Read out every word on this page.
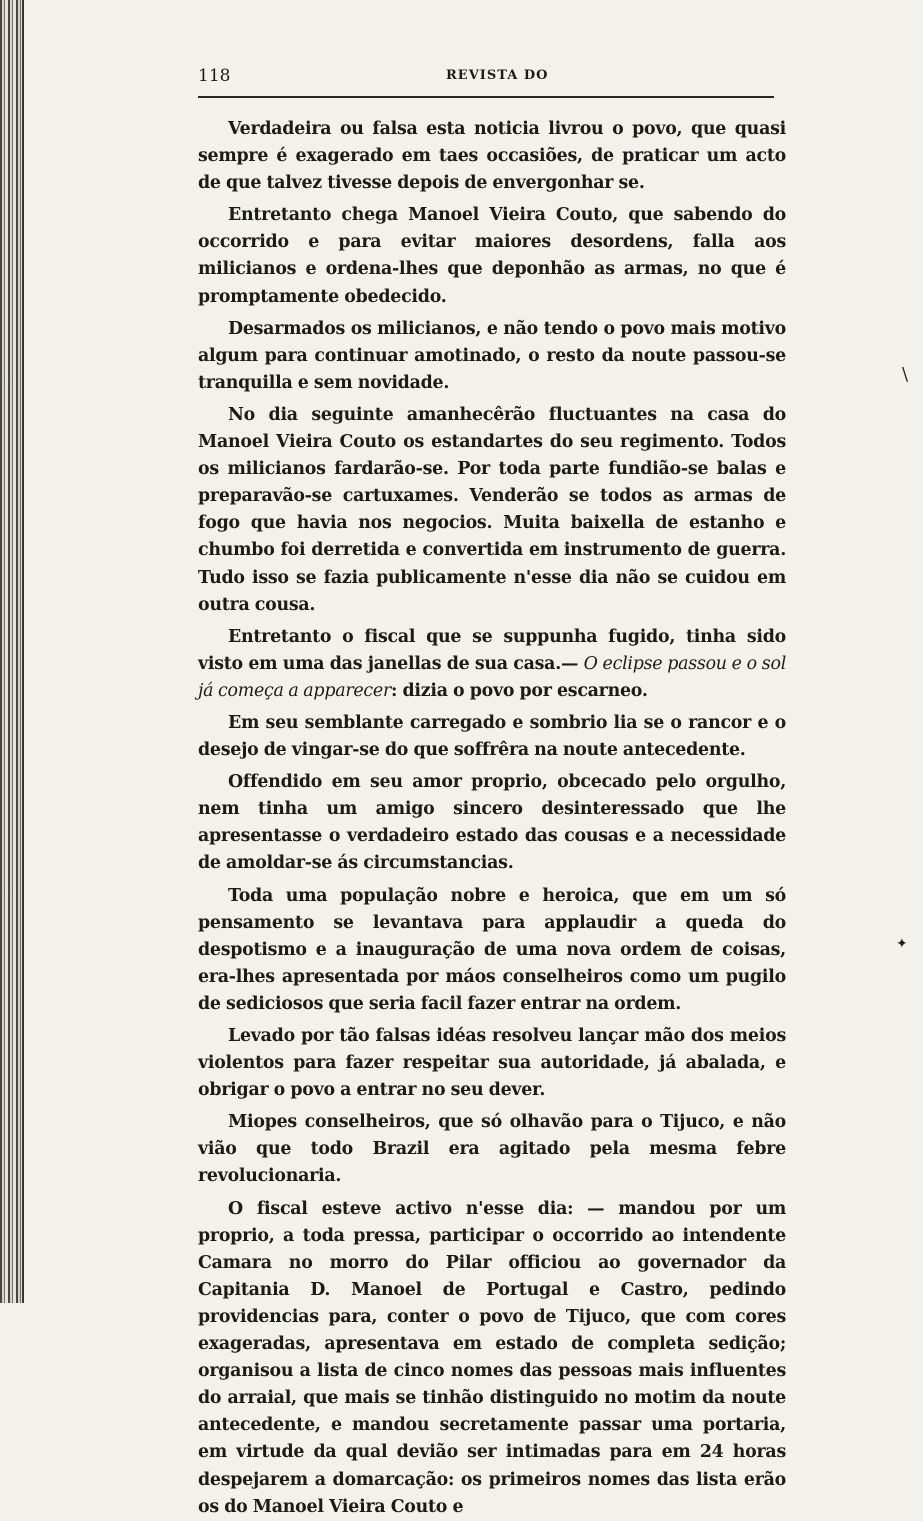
118	REVISTA DO

Verdadeira ou falsa esta noticia livrou o povo, que quasi sempre é exagerado em taes occasiões, de praticar um acto de que talvez tivesse depois de envergonhar se.

Entretanto chega Manoel Vieira Couto, que sabendo do occorrido e para evitar maiores desordens, falla aos milicianos e ordena-lhes que deponhão as armas, no que é promptamente obedecido.

Desarmados os milicianos, e não tendo o povo mais motivo algum para continuar amotinado, o resto da noute passou-se tranquilla e sem novidade.

No dia seguinte amanhecêrão fluctuantes na casa do Manoel Vieira Couto os estandartes do seu regimento. Todos os milicianos fardarão-se. Por toda parte fundião-se balas e preparavão-se cartuxames. Venderão se todos as armas de fogo que havia nos negocios. Muita baixella de estanho e chumbo foi derretida e convertida em instrumento de guerra. Tudo isso se fazia publicamente n'esse dia não se cuidou em outra cousa.

Entretanto o fiscal que se suppunha fugido, tinha sido visto em uma das janellas de sua casa.— O eclipse passou e o sol já começa a apparecer: dizia o povo por escarneo.

Em seu semblante carregado e sombrio lia se o rancor e o desejo de vingar-se do que soffrêra na noute antecedente.

Offendido em seu amor proprio, obcecado pelo orgulho, nem tinha um amigo sincero desinteressado que lhe apresentasse o verdadeiro estado das cousas e a necessidade de amoldar-se ás circumstancias.

Toda uma população nobre e heroica, que em um só pensamento se levantava para applaudir a queda do despotismo e a inauguração de uma nova ordem de coisas, era-lhes apresentada por máos conselheiros como um pugilo de sediciosos que seria facil fazer entrar na ordem.

Levado por tão falsas idéas resolveu lançar mão dos meios violentos para fazer respeitar sua autoridade, já abalada, e obrigar o povo a entrar no seu dever.

Miopes conselheiros, que só olhavão para o Tijuco, e não vião que todo Brazil era agitado pela mesma febre revolucionaria.

O fiscal esteve activo n'esse dia: — mandou por um proprio, a toda pressa, participar o occorrido ao intendente Camara no morro do Pilar officiou ao governador da Capitania D. Manoel de Portugal e Castro, pedindo providencias para, conter o povo de Tijuco, que com cores exageradas, apresentava em estado de completa sedição; organisou a lista de cinco nomes das pessoas mais influentes do arraial, que mais se tinhão distinguido no motim da noute antecedente, e mandou secretamente passar uma portaria, em virtude da qual devião ser intimadas para em 24 horas despejarem a domarcação: os primeiros nomes das lista erão os do Manoel Vieira Couto e

\
✦
